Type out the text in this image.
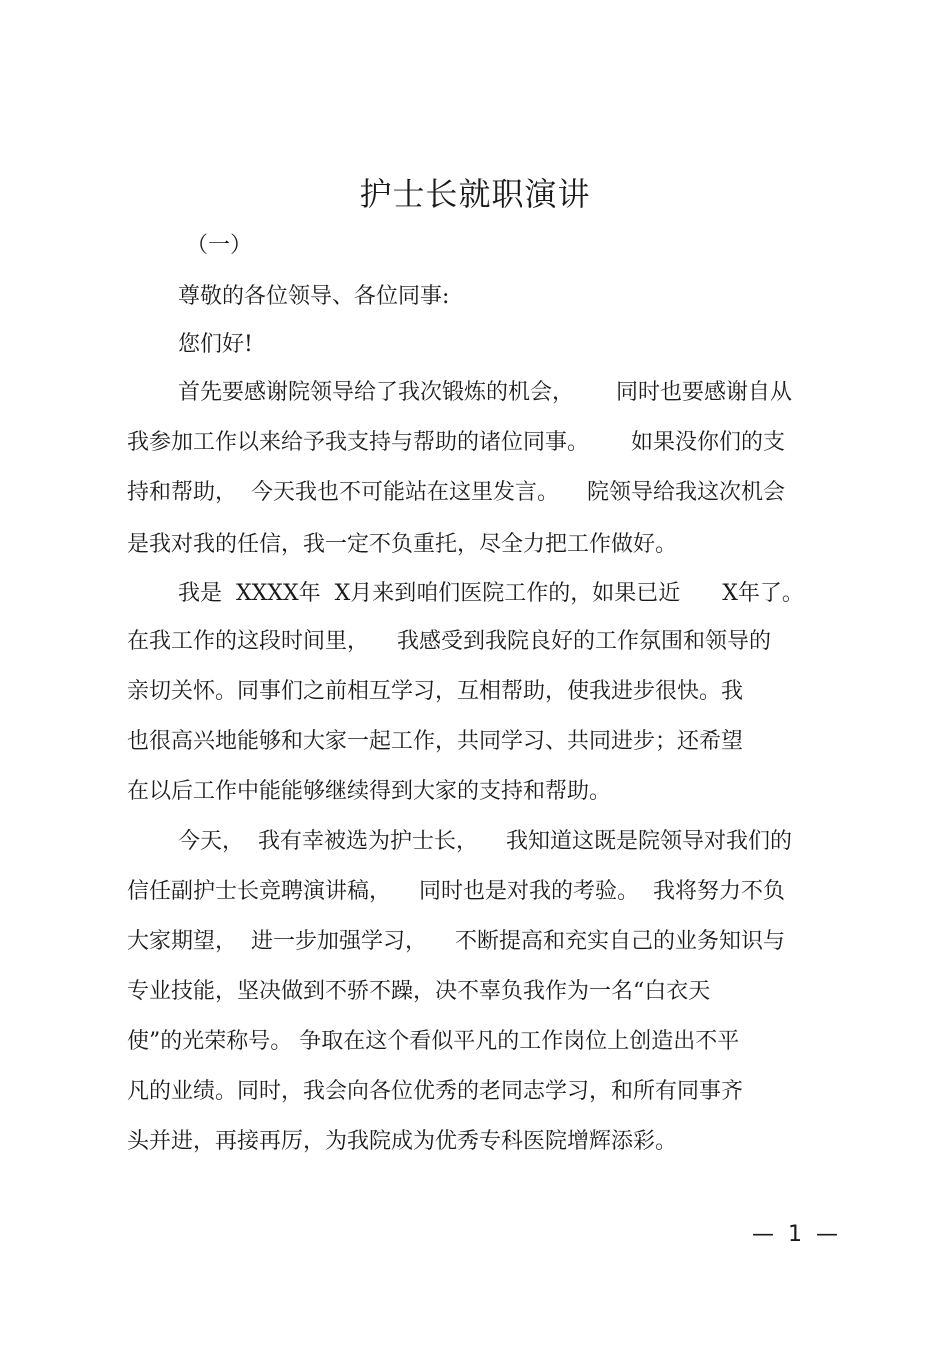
护士长就职演讲
（一）
尊敬的各位领导、各位同事:
您们好!
首先要感谢院领导给了我次锻炼的机会，      同时也要感谢自从
我参加工作以来给予我支持与帮助的诸位同事。      如果没你们的支
持和帮助，  今天我也不可能站在这里发言。    院领导给我这次机会
是我对我的任信，我一定不负重托，尽全力把工作做好。
我是  XXXX年  X月来到咱们医院工作的，如果已近      X年了。
在我工作的这段时间里，    我感受到我院良好的工作氛围和领导的
亲切关怀。同事们之前相互学习，互相帮助，使我进步很快。我
也很高兴地能够和大家一起工作，共同学习、共同进步；还希望
在以后工作中能能够继续得到大家的支持和帮助。
今天，  我有幸被选为护士长，    我知道这既是院领导对我们的
信任副护士长竞聘演讲稿，    同时也是对我的考验。  我将努力不负
大家期望，  进一步加强学习，    不断提高和充实自己的业务知识与
专业技能，坚决做到不骄不躁，决不辜负我作为一名“白衣天
使”的光荣称号。 争取在这个看似平凡的工作岗位上创造出不平
凡的业绩。同时，我会向各位优秀的老同志学习，和所有同事齐
头并进，再接再厉，为我院成为优秀专科医院增辉添彩。
—  1  —
